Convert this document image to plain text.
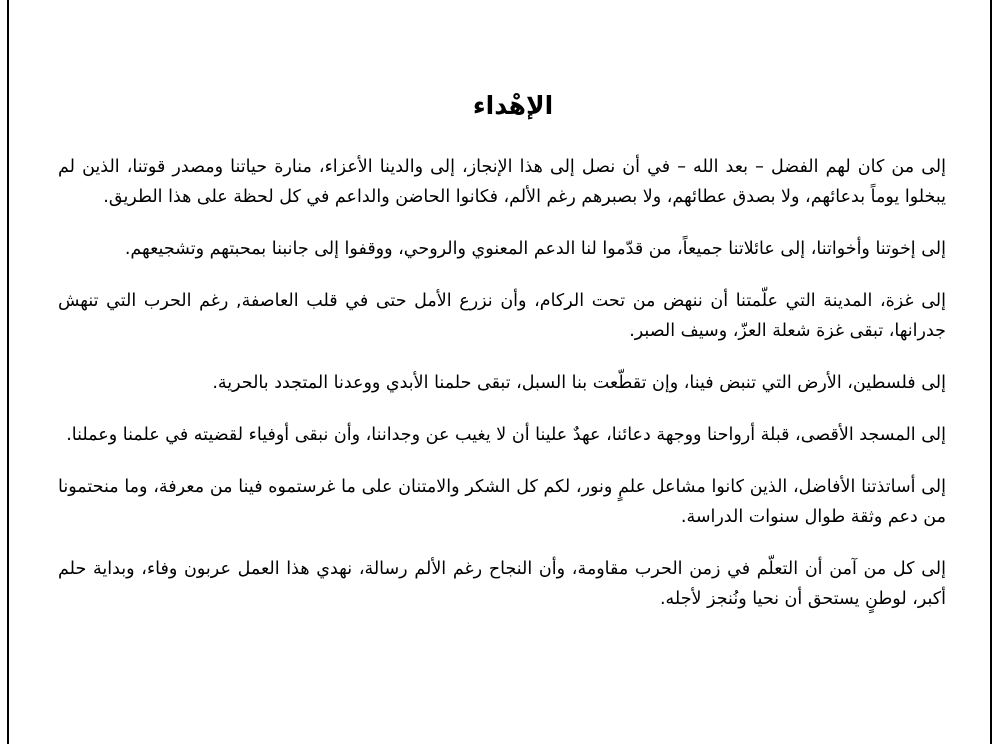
الإهْداء

إلى من كان لهم الفضل – بعد الله – في أن نصل إلى هذا الإنجاز، إلى والدينا الأعزاء، منارة حياتنا ومصدر قوتنا، الذين لم يبخلوا يوماً بدعائهم، ولا بصدق عطائهم، ولا بصبرهم رغم الألم، فكانوا الحاضن والداعم في كل لحظة على هذا الطريق.

إلى إخوتنا وأخواتنا، إلى عائلاتنا جميعاً، من قدّموا لنا الدعم المعنوي والروحي، ووقفوا إلى جانبنا بمحبتهم وتشجيعهم.

إلى غزة، المدينة التي علّمتنا أن ننهض من تحت الركام، وأن نزرع الأمل حتى في قلب العاصفة, رغم الحرب التي تنهش جدرانها، تبقى غزة شعلة العزّ، وسيف الصبر.

إلى فلسطين، الأرض التي تنبض فينا، وإن تقطّعت بنا السبل، تبقى حلمنا الأبدي ووعدنا المتجدد بالحرية.

إلى المسجد الأقصى، قبلة أرواحنا ووجهة دعائنا، عهدٌ علينا أن لا يغيب عن وجداننا، وأن نبقى أوفياء لقضيته في علمنا وعملنا.

إلى أساتذتنا الأفاضل، الذين كانوا مشاعل علمٍ ونور، لكم كل الشكر والامتنان على ما غرستموه فينا من معرفة، وما منحتمونا من دعم وثقة طوال سنوات الدراسة.

إلى كل من آمن أن التعلّم في زمن الحرب مقاومة، وأن النجاح رغم الألم رسالة، نهدي هذا العمل عربون وفاء، وبداية حلم أكبر، لوطنٍ يستحق أن نحيا ونُنجز لأجله.
